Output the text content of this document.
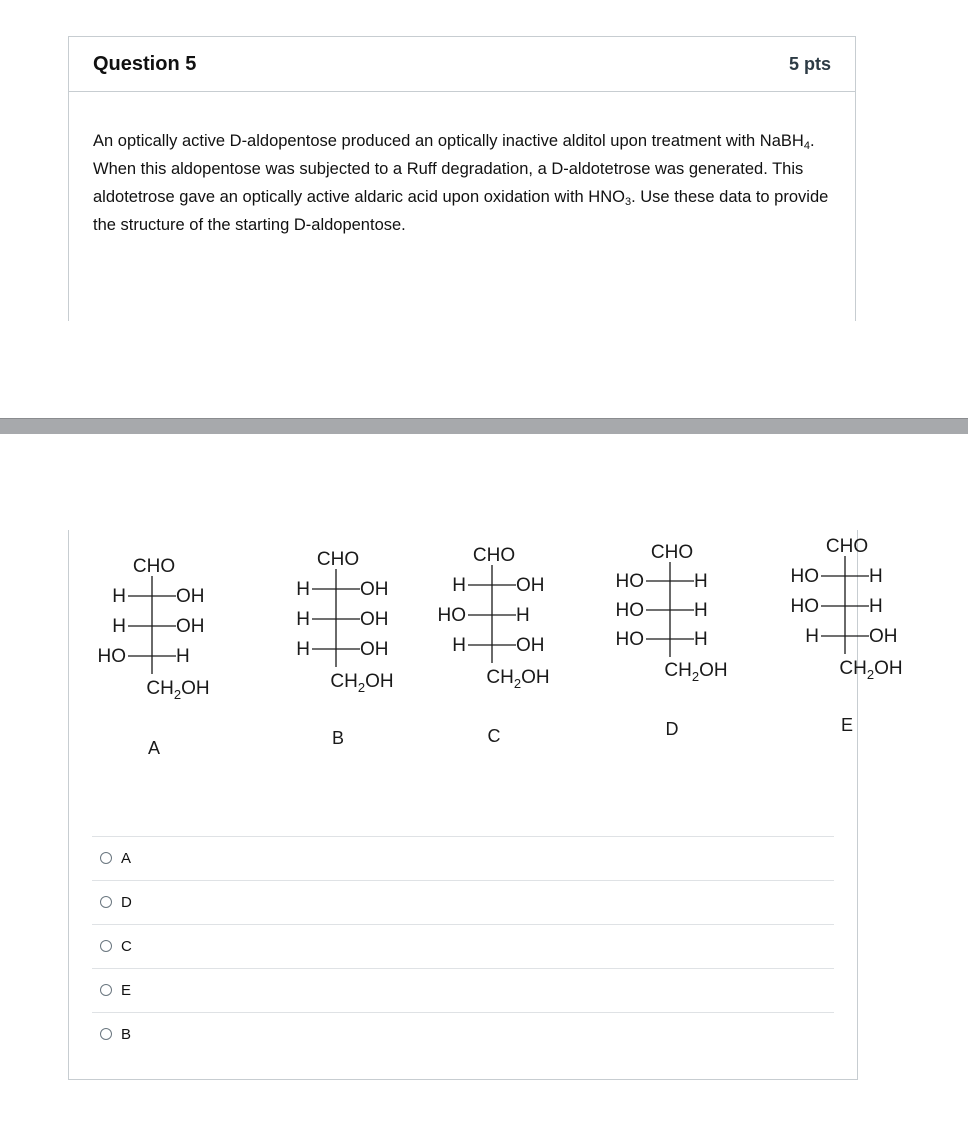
Question 5	5 pts
An optically active D-aldopentose produced an optically inactive alditol upon treatment with NaBH$_4$. When this aldopentose was subjected to a Ruff degradation, a D-aldotetrose was generated. This aldotetrose gave an optically active aldaric acid upon oxidation with $HNO_3$. Use these data to provide the structure of the starting D-aldopentose.
CHO
H	OH
H	OH
HO	H
$CH_2OH$
A
CHO
H	OH
H	OH
H	OH
$CH_2OH$
B
CHO
H	OH
HO	H
H	OH
$CH_2OH$
C
CHO
HO	H
HO	H
HO	H
$CH_2OH$
D
CHO
HO	H
HO	H
H	OH
$CH_2OH$
E
A
D
C
E
B
